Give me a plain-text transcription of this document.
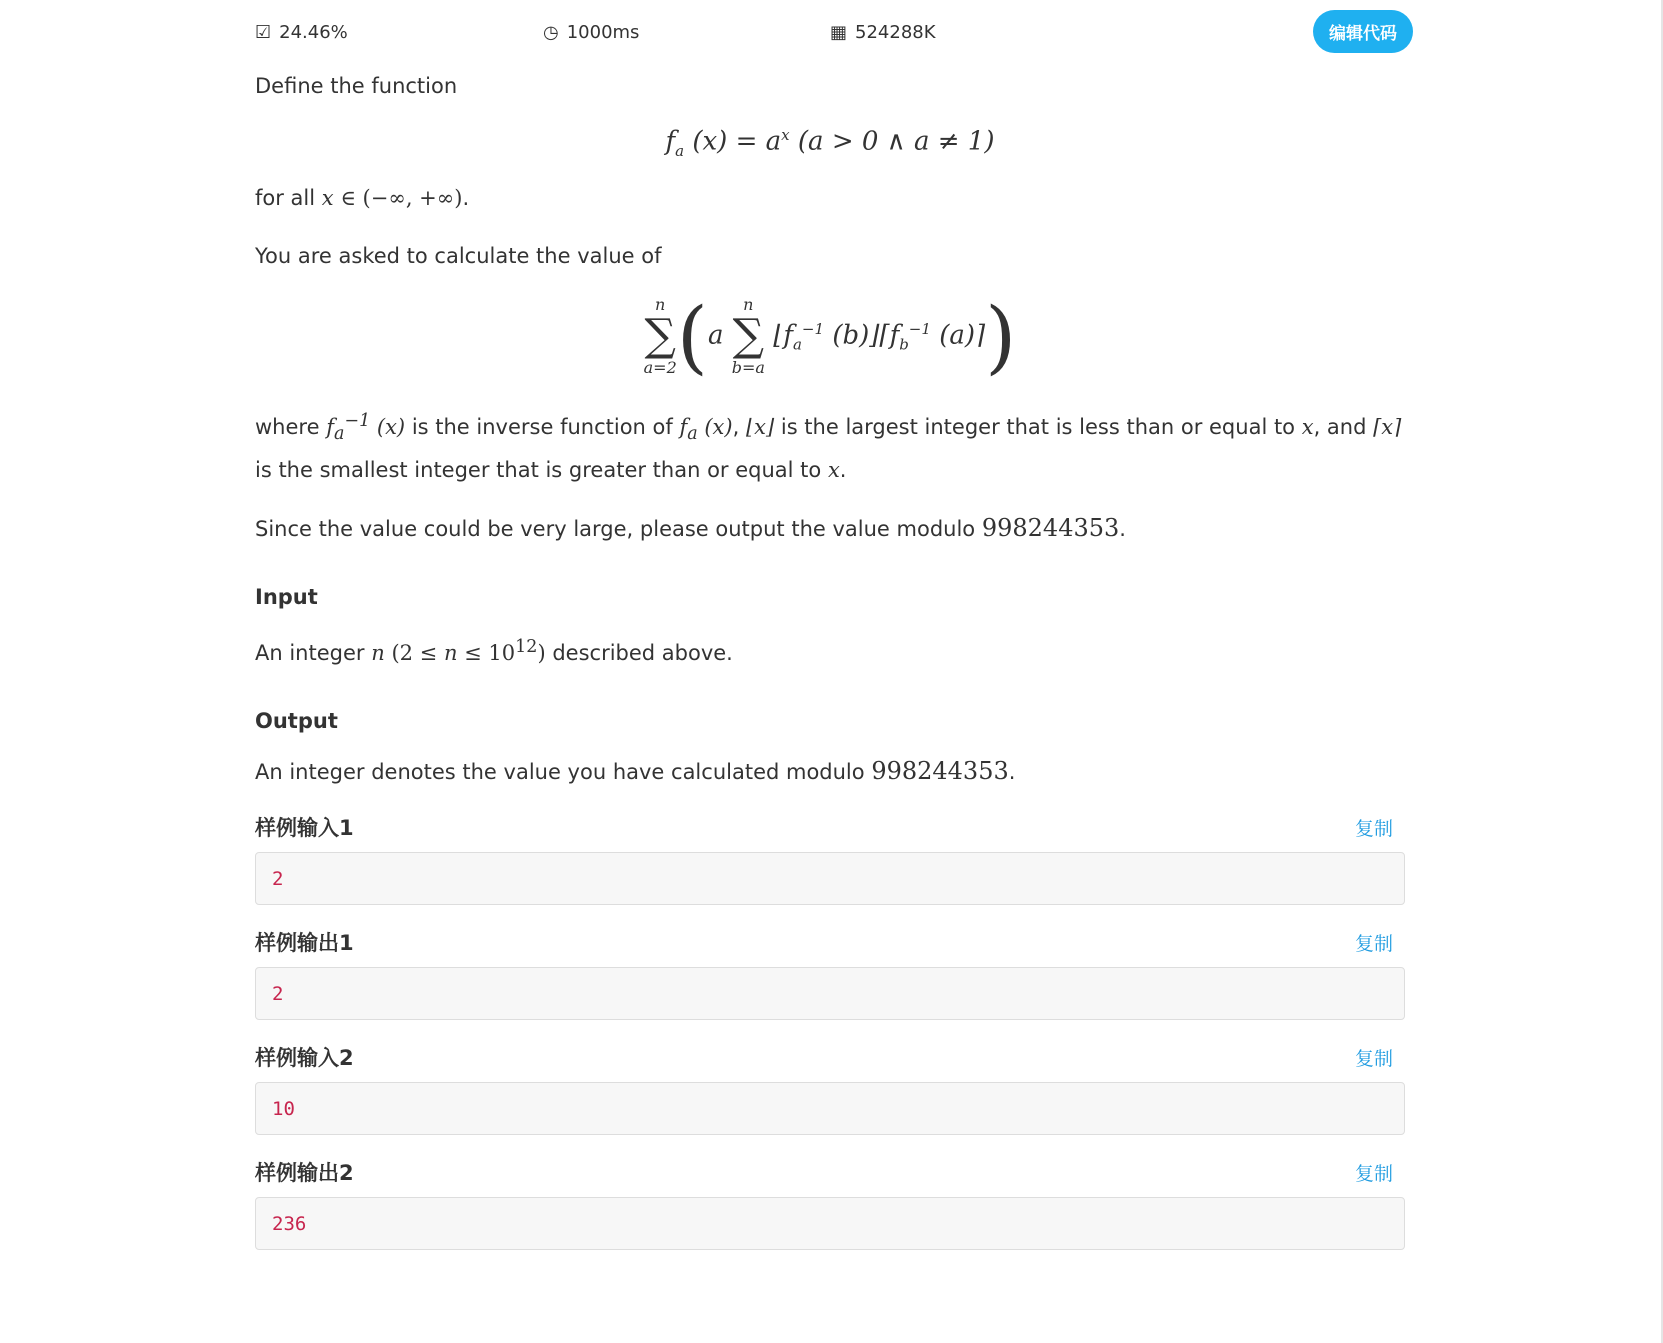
☑ 24.46%	◷ 1000ms	▦ 524288K	编辑代码

Define the function

$f_a$ $(x) = a^x$ (a > 0 ∧ a ≠ 1)

for all x ∈ (−∞, +∞).

You are asked to calculate the value of

n
∑
a=2 (a
n
∑
b=a
$⌊f_a^{-1}$ $(b)⌋⌈f_b^{-1}$ (a)⌉)

where $f_a^{-1}$ (x) is the inverse function of $f_a$ (x), ⌊x⌋ is the largest integer that is less than or equal to x, and ⌈x⌉ is the smallest integer that is greater than or equal to x.

Since the value could be very large, please output the value modulo 998244353.

Input

An integer n $(2 \le n \le 10^{12})$ described above.

Output

An integer denotes the value you have calculated modulo 998244353.

样例输入1	复制
2
样例输出1	复制
2
样例输入2	复制
10
样例输出2	复制
236
